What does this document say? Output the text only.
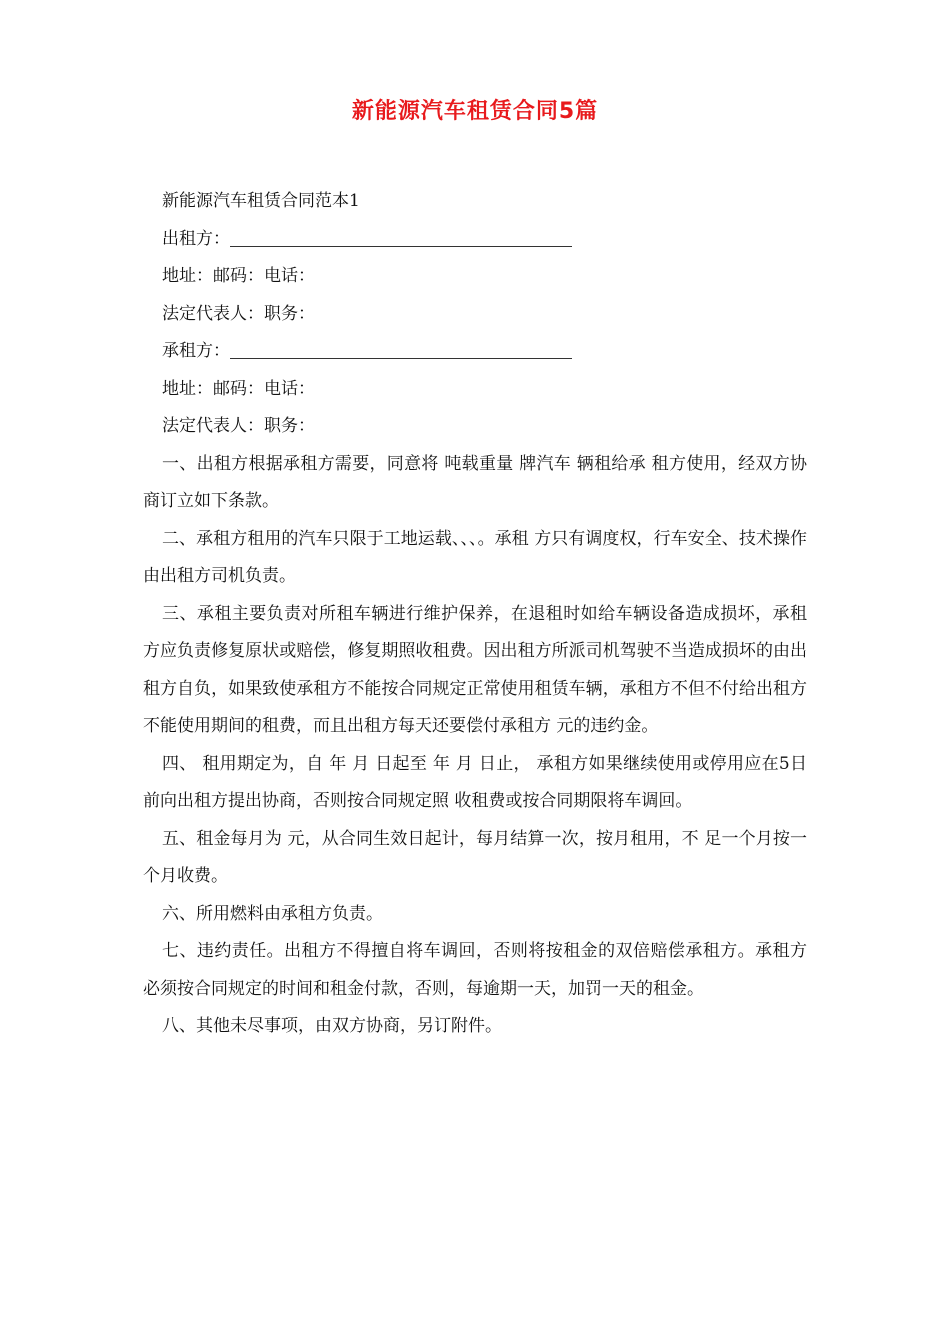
新能源汽车租赁合同5篇
新能源汽车租赁合同范本1
出租方：
地址：邮码：电话：
法定代表人：职务：
承租方：
地址：邮码：电话：
法定代表人：职务：
一、出租方根据承租方需要，同意将 吨载重量 牌汽车 辆租给承 租方使用，经双方协商订立如下条款。
二、承租方租用的汽车只限于工地运载、、、。承租 方只有调度权，行车安全、技术操作由出租方司机负责。
三、承租主要负责对所租车辆进行维护保养，在退租时如给车辆设备造成损坏，承租方应负责修复原状或赔偿，修复期照收租费。因出租方所派司机驾驶不当造成损坏的由出租方自负，如果致使承租方不能按合同规定正常使用租赁车辆，承租方不但不付给出租方不能使用期间的租费，而且出租方每天还要偿付承租方 元的违约金。
四、 租用期定为，自 年 月 日起至 年 月 日止， 承租方如果继续使用或停用应在5日前向出租方提出协商，否则按合同规定照 收租费或按合同期限将车调回。
五、租金每月为 元，从合同生效日起计，每月结算一次，按月租用，不 足一个月按一个月收费。
六、所用燃料由承租方负责。
七、违约责任。出租方不得擅自将车调回，否则将按租金的双倍赔偿承租方。承租方必须按合同规定的时间和租金付款，否则，每逾期一天，加罚一天的租金。
八、其他未尽事项，由双方协商，另订附件。
